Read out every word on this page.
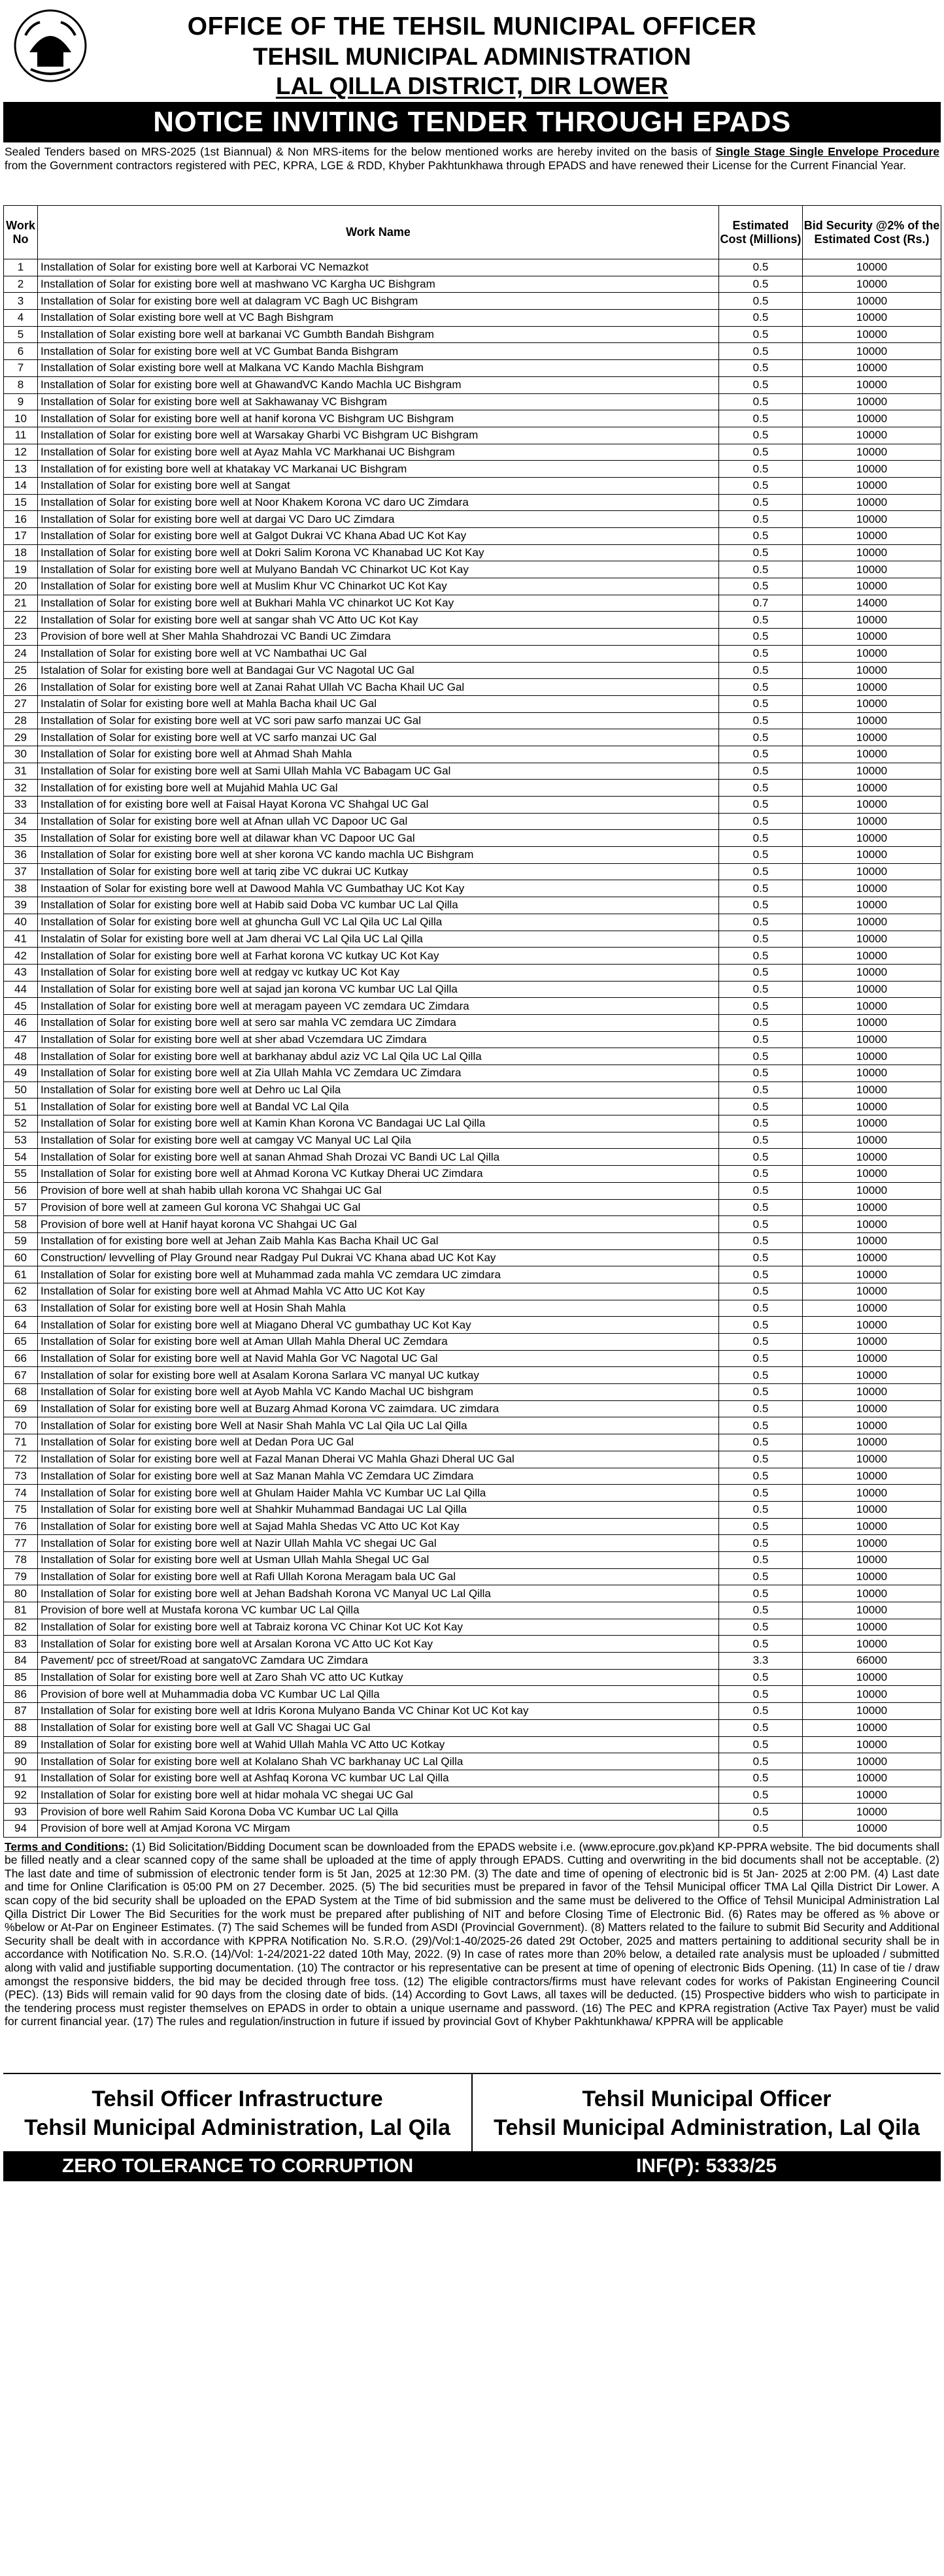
OFFICE OF THE TEHSIL MUNICIPAL OFFICER
TEHSIL MUNICIPAL ADMINISTRATION
LAL QILLA DISTRICT, DIR LOWER
NOTICE INVITING TENDER THROUGH EPADS
Sealed Tenders based on MRS-2025 (1st Biannual) & Non MRS-items for the below mentioned works are hereby invited on the basis of Single Stage Single Envelope Procedure from the Government contractors registered with PEC, KPRA, LGE & RDD, Khyber Pakhtunkhawa through EPADS and have renewed their License for the Current Financial Year.
Work No	Work Name	Estimated Cost (Millions)	Bid Security @2% of the Estimated Cost (Rs.)
1	Installation of Solar for existing bore well at Karborai VC Nemazkot	0.5	10000
2	Installation of Solar for existing bore well at mashwano VC Kargha UC Bishgram	0.5	10000
3	Installation of Solar for existing bore well at dalagram VC Bagh UC Bishgram	0.5	10000
4	Installation of Solar existing bore well at VC Bagh Bishgram	0.5	10000
5	Installation of Solar existing bore well at barkanai VC Gumbth Bandah Bishgram	0.5	10000
6	Installation of Solar for existing bore well at VC Gumbat Banda Bishgram	0.5	10000
7	Installation of Solar existing bore well at Malkana VC Kando Machla Bishgram	0.5	10000
8	Installation of Solar for existing bore well at GhawandVC Kando Machla UC Bishgram	0.5	10000
9	Installation of Solar for existing bore well at Sakhawanay VC Bishgram	0.5	10000
10	Installation of Solar for existing bore well at hanif korona VC Bishgram UC Bishgram	0.5	10000
11	Installation of Solar for existing bore well at Warsakay Gharbi VC Bishgram UC Bishgram	0.5	10000
12	Installation of Solar for existing bore well at Ayaz Mahla VC Markhanai UC Bishgram	0.5	10000
13	Installation of for existing bore well at khatakay VC Markanai UC Bishgram	0.5	10000
14	Installation of Solar for existing bore well at Sangat	0.5	10000
15	Installation of Solar for existing bore well at Noor Khakem Korona VC daro UC Zimdara	0.5	10000
16	Installation of Solar for existing bore well at dargai VC Daro UC Zimdara	0.5	10000
17	Installation of Solar for existing bore well at Galgot Dukrai VC Khana Abad UC Kot Kay	0.5	10000
18	Installation of Solar for existing bore well at Dokri Salim Korona VC Khanabad UC Kot Kay	0.5	10000
19	Installation of Solar for existing bore well at Mulyano Bandah VC Chinarkot UC Kot Kay	0.5	10000
20	Installation of Solar for existing bore well at Muslim Khur VC Chinarkot UC Kot Kay	0.5	10000
21	Installation of Solar for existing bore well at Bukhari Mahla VC chinarkot UC Kot Kay	0.7	14000
22	Installation of Solar for existing bore well at sangar shah VC Atto UC Kot Kay	0.5	10000
23	Provision of bore well at Sher Mahla Shahdrozai VC Bandi UC Zimdara	0.5	10000
24	Installation of Solar for existing bore well at VC Nambathai UC Gal	0.5	10000
25	Istalation of Solar for existing bore well at Bandagai Gur VC Nagotal UC Gal	0.5	10000
26	Installation of Solar for existing bore well at Zanai Rahat Ullah VC Bacha Khail UC Gal	0.5	10000
27	Instalatin of Solar for existing bore well at Mahla Bacha khail UC Gal	0.5	10000
28	Installation of Solar for existing bore well at VC sori paw sarfo manzai UC Gal	0.5	10000
29	Installation of Solar for existing bore well at VC sarfo manzai UC Gal	0.5	10000
30	Installation of Solar for existing bore well at Ahmad Shah Mahla	0.5	10000
31	Installation of Solar for existing bore well at Sami Ullah Mahla VC Babagam UC Gal	0.5	10000
32	Installation of for existing bore well at Mujahid Mahla UC Gal	0.5	10000
33	Installation of for existing bore well at Faisal Hayat Korona VC Shahgal UC Gal	0.5	10000
34	Installation of Solar for existing bore well at Afnan ullah VC Dapoor UC Gal	0.5	10000
35	Installation of Solar for existing bore well at dilawar khan VC Dapoor UC Gal	0.5	10000
36	Installation of Solar for existing bore well at sher korona VC kando machla UC Bishgram	0.5	10000
37	Installation of Solar for existing bore well at tariq zibe VC dukrai UC Kutkay	0.5	10000
38	Instaation of Solar for existing bore well at Dawood Mahla VC Gumbathay UC Kot Kay	0.5	10000
39	Installation of Solar for existing bore well at Habib said Doba VC kumbar UC Lal Qilla	0.5	10000
40	Installation of Solar for existing bore well at ghuncha Gull VC Lal Qila UC Lal Qilla	0.5	10000
41	Instalatin of Solar for existing bore well at Jam dherai VC Lal Qila UC Lal Qilla	0.5	10000
42	Installation of Solar for existing bore well at Farhat korona VC kutkay UC Kot Kay	0.5	10000
43	Installation of Solar for existing bore well at redgay vc kutkay UC Kot Kay	0.5	10000
44	Installation of Solar for existing bore well at sajad jan korona VC kumbar UC Lal Qilla	0.5	10000
45	Installation of Solar for existing bore well at meragam payeen VC zemdara UC Zimdara	0.5	10000
46	Installation of Solar for existing bore well at sero sar mahla VC zemdara UC Zimdara	0.5	10000
47	Installation of Solar for existing bore well at sher abad Vczemdara UC Zimdara	0.5	10000
48	Installation of Solar for existing bore well at barkhanay abdul aziz VC Lal Qila UC Lal Qilla	0.5	10000
49	Installation of Solar for existing bore well at Zia Ullah Mahla VC Zemdara UC Zimdara	0.5	10000
50	Installation of Solar for existing bore well at Dehro uc Lal Qila	0.5	10000
51	Installation of Solar for existing bore well at Bandal VC Lal Qila	0.5	10000
52	Installation of Solar for existing bore well at Kamin Khan Korona VC Bandagai UC Lal Qilla	0.5	10000
53	Installation of Solar for existing bore well at camgay VC Manyal UC Lal Qila	0.5	10000
54	Installation of Solar for existing bore well at sanan Ahmad Shah Drozai VC Bandi UC Lal Qilla	0.5	10000
55	Installation of Solar for existing bore well at Ahmad Korona VC Kutkay Dherai UC Zimdara	0.5	10000
56	Provision of bore well at shah habib ullah korona VC Shahgai UC Gal	0.5	10000
57	Provision of bore well at zameen Gul korona VC Shahgai UC Gal	0.5	10000
58	Provision of bore well at Hanif hayat korona VC Shahgai UC Gal	0.5	10000
59	Installation of for existing bore well at Jehan Zaib Mahla Kas Bacha Khail UC Gal	0.5	10000
60	Construction/ levvelling of Play Ground near Radgay Pul Dukrai VC Khana abad UC Kot Kay	0.5	10000
61	Installation of Solar for existing bore well at Muhammad zada mahla VC zemdara UC zimdara	0.5	10000
62	Installation of Solar for existing bore well at Ahmad Mahla VC Atto UC Kot Kay	0.5	10000
63	Installation of Solar for existing bore well at Hosin Shah Mahla	0.5	10000
64	Installation of Solar for existing bore well at Miagano Dheral VC gumbathay UC Kot Kay	0.5	10000
65	Installation of Solar for existing bore well at Aman Ullah Mahla Dheral UC Zemdara	0.5	10000
66	Installation of Solar for existing bore well at Navid Mahla Gor VC Nagotal UC Gal	0.5	10000
67	Installation of solar for existing bore well at Asalam Korona Sarlara VC manyal UC kutkay	0.5	10000
68	Installation of Solar for existing bore well at Ayob Mahla VC Kando Machal UC bishgram	0.5	10000
69	Installation of Solar for existing bore well at Buzarg Ahmad Korona VC zaimdara. UC zimdara	0.5	10000
70	Installation of Solar for existing bore Well at Nasir Shah Mahla VC Lal Qila UC Lal Qilla	0.5	10000
71	Installation of Solar for existing bore well at Dedan Pora UC Gal	0.5	10000
72	Installation of Solar for existing bore well at Fazal Manan Dherai VC Mahla Ghazi Dheral UC Gal	0.5	10000
73	Installation of Solar for existing bore well at Saz Manan Mahla VC Zemdara UC Zimdara	0.5	10000
74	Installation of Solar for existing bore well at Ghulam Haider Mahla VC Kumbar UC Lal Qilla	0.5	10000
75	Installation of Solar for existing bore well at Shahkir Muhammad Bandagai UC Lal Qilla	0.5	10000
76	Installation of Solar for existing bore well at Sajad Mahla Shedas VC Atto UC Kot Kay	0.5	10000
77	Installation of Solar for existing bore well at Nazir Ullah Mahla VC shegai UC Gal	0.5	10000
78	Installation of Solar for existing bore well at Usman Ullah Mahla Shegal UC Gal	0.5	10000
79	Installation of Solar for existing bore well at Rafi Ullah Korona Meragam bala UC Gal	0.5	10000
80	Installation of Solar for existing bore well at Jehan Badshah Korona VC Manyal UC Lal Qilla	0.5	10000
81	Provision of bore well at Mustafa korona VC kumbar UC Lal Qilla	0.5	10000
82	Installation of Solar for existing bore well at Tabraiz korona VC Chinar Kot UC Kot Kay	0.5	10000
83	Installation of Solar for existing bore well at Arsalan Korona VC Atto UC Kot Kay	0.5	10000
84	Pavement/ pcc of street/Road at sangatoVC Zamdara UC Zimdara	3.3	66000
85	Installation of Solar for existing bore well at Zaro Shah VC atto UC Kutkay	0.5	10000
86	Provision of bore well at Muhammadia doba VC Kumbar UC Lal Qilla	0.5	10000
87	Installation of Solar for existing bore well at Idris Korona Mulyano Banda VC Chinar Kot UC Kot kay	0.5	10000
88	Installation of Solar for existing bore well at Gall VC Shagai UC Gal	0.5	10000
89	Installation of Solar for existing bore well at Wahid Ullah Mahla VC Atto UC Kotkay	0.5	10000
90	Installation of Solar for existing bore well at Kolalano Shah VC barkhanay UC Lal Qilla	0.5	10000
91	Installation of Solar for existing bore well at Ashfaq Korona VC kumbar UC Lal Qilla	0.5	10000
92	Installation of Solar for existing bore well at hidar mohala VC shegai UC Gal	0.5	10000
93	Provision of bore well Rahim Said Korona Doba VC Kumbar UC Lal Qilla	0.5	10000
94	Provision of bore well at Amjad Korona VC Mirgam	0.5	10000
Terms and Conditions: (1) Bid Solicitation/Bidding Document scan be downloaded from the EPADS website i.e. (www.eprocure.gov.pk)and KP-PPRA website. The bid documents shall be filled neatly and a clear scanned copy of the same shall be uploaded at the time of apply through EPADS. Cutting and overwriting in the bid documents shall not be acceptable. (2) The last date and time of submission of electronic tender form is 5t Jan, 2025 at 12:30 PM. (3) The date and time of opening of electronic bid is 5t Jan- 2025 at 2:00 PM. (4) Last date and time for Online Clarification is 05:00 PM on 27 December. 2025. (5) The bid securities must be prepared in favor of the Tehsil Municipal officer TMA Lal Qilla District Dir Lower. A scan copy of the bid security shall be uploaded on the EPAD System at the Time of bid submission and the same must be delivered to the Office of Tehsil Municipal Administration Lal Qilla District Dir Lower The Bid Securities for the work must be prepared after publishing of NIT and before Closing Time of Electronic Bid. (6) Rates may be offered as % above or %below or At-Par on Engineer Estimates. (7) The said Schemes will be funded from ASDI (Provincial Government). (8) Matters related to the failure to submit Bid Security and Additional Security shall be dealt with in accordance with KPPRA Notification No. S.R.O. (29)/Vol:1-40/2025-26 dated 29t October, 2025 and matters pertaining to additional security shall be in accordance with Notification No. S.R.O. (14)/Vol: 1-24/2021-22 dated 10th May, 2022. (9) In case of rates more than 20% below, a detailed rate analysis must be uploaded / submitted along with valid and justifiable supporting documentation. (10) The contractor or his representative can be present at time of opening of electronic Bids Opening. (11) In case of tie / draw amongst the responsive bidders, the bid may be decided through free toss. (12) The eligible contractors/firms must have relevant codes for works of Pakistan Engineering Council (PEC). (13) Bids will remain valid for 90 days from the closing date of bids. (14) According to Govt Laws, all taxes will be deducted. (15) Prospective bidders who wish to participate in the tendering process must register themselves on EPADS in order to obtain a unique username and password. (16) The PEC and KPRA registration (Active Tax Payer) must be valid for current financial year. (17) The rules and regulation/instruction in future if issued by provincial Govt of Khyber Pakhtunkhawa/ KPPRA will be applicable
Tehsil Officer Infrastructure
Tehsil Municipal Administration, Lal Qila
Tehsil Municipal Officer
Tehsil Municipal Administration, Lal Qila
ZERO TOLERANCE TO CORRUPTION	INF(P): 5333/25
